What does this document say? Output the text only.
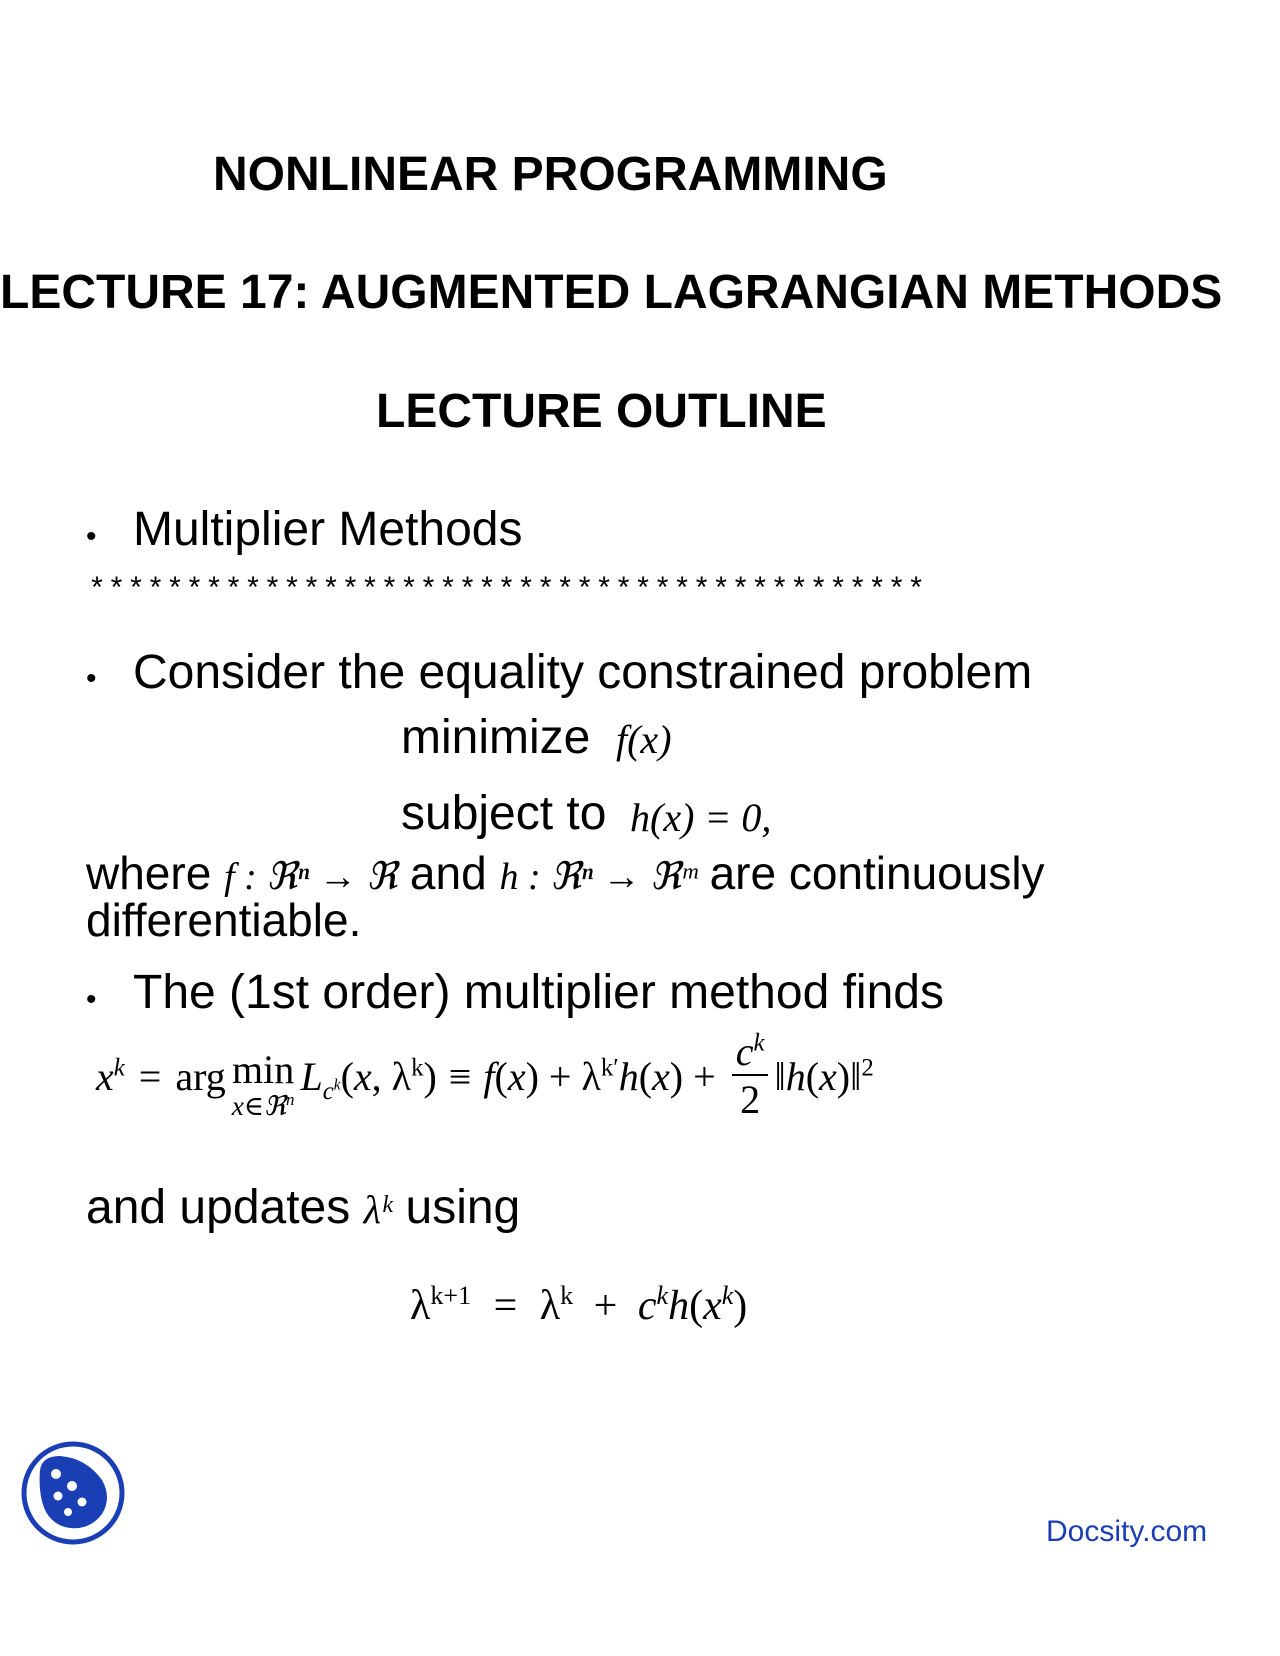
NONLINEAR PROGRAMMING
LECTURE 17: AUGMENTED LAGRANGIAN METHODS
LECTURE OUTLINE
• Multiplier Methods
*******************************************
• Consider the equality constrained problem
minimize f(x)
subject to h(x) = 0,
where f : ℜⁿ → ℜ and h : ℜⁿ → ℜᵐ are continuously
differentiable.
• The (1st order) multiplier method finds
$x^k$ = arg min
x∈ℜ$^n$
$L_{c^k}$ (x, $\lambda^k) \equiv f$ $(x) + \lambda^{k'}$ h $(x) + \frac{c^k}{2}$ ‖h(x)‖$^2$
and updates λᵏ using
$\lambda^{k+1} = \lambda^k + c^kh(x^k)$
Docsity.com
